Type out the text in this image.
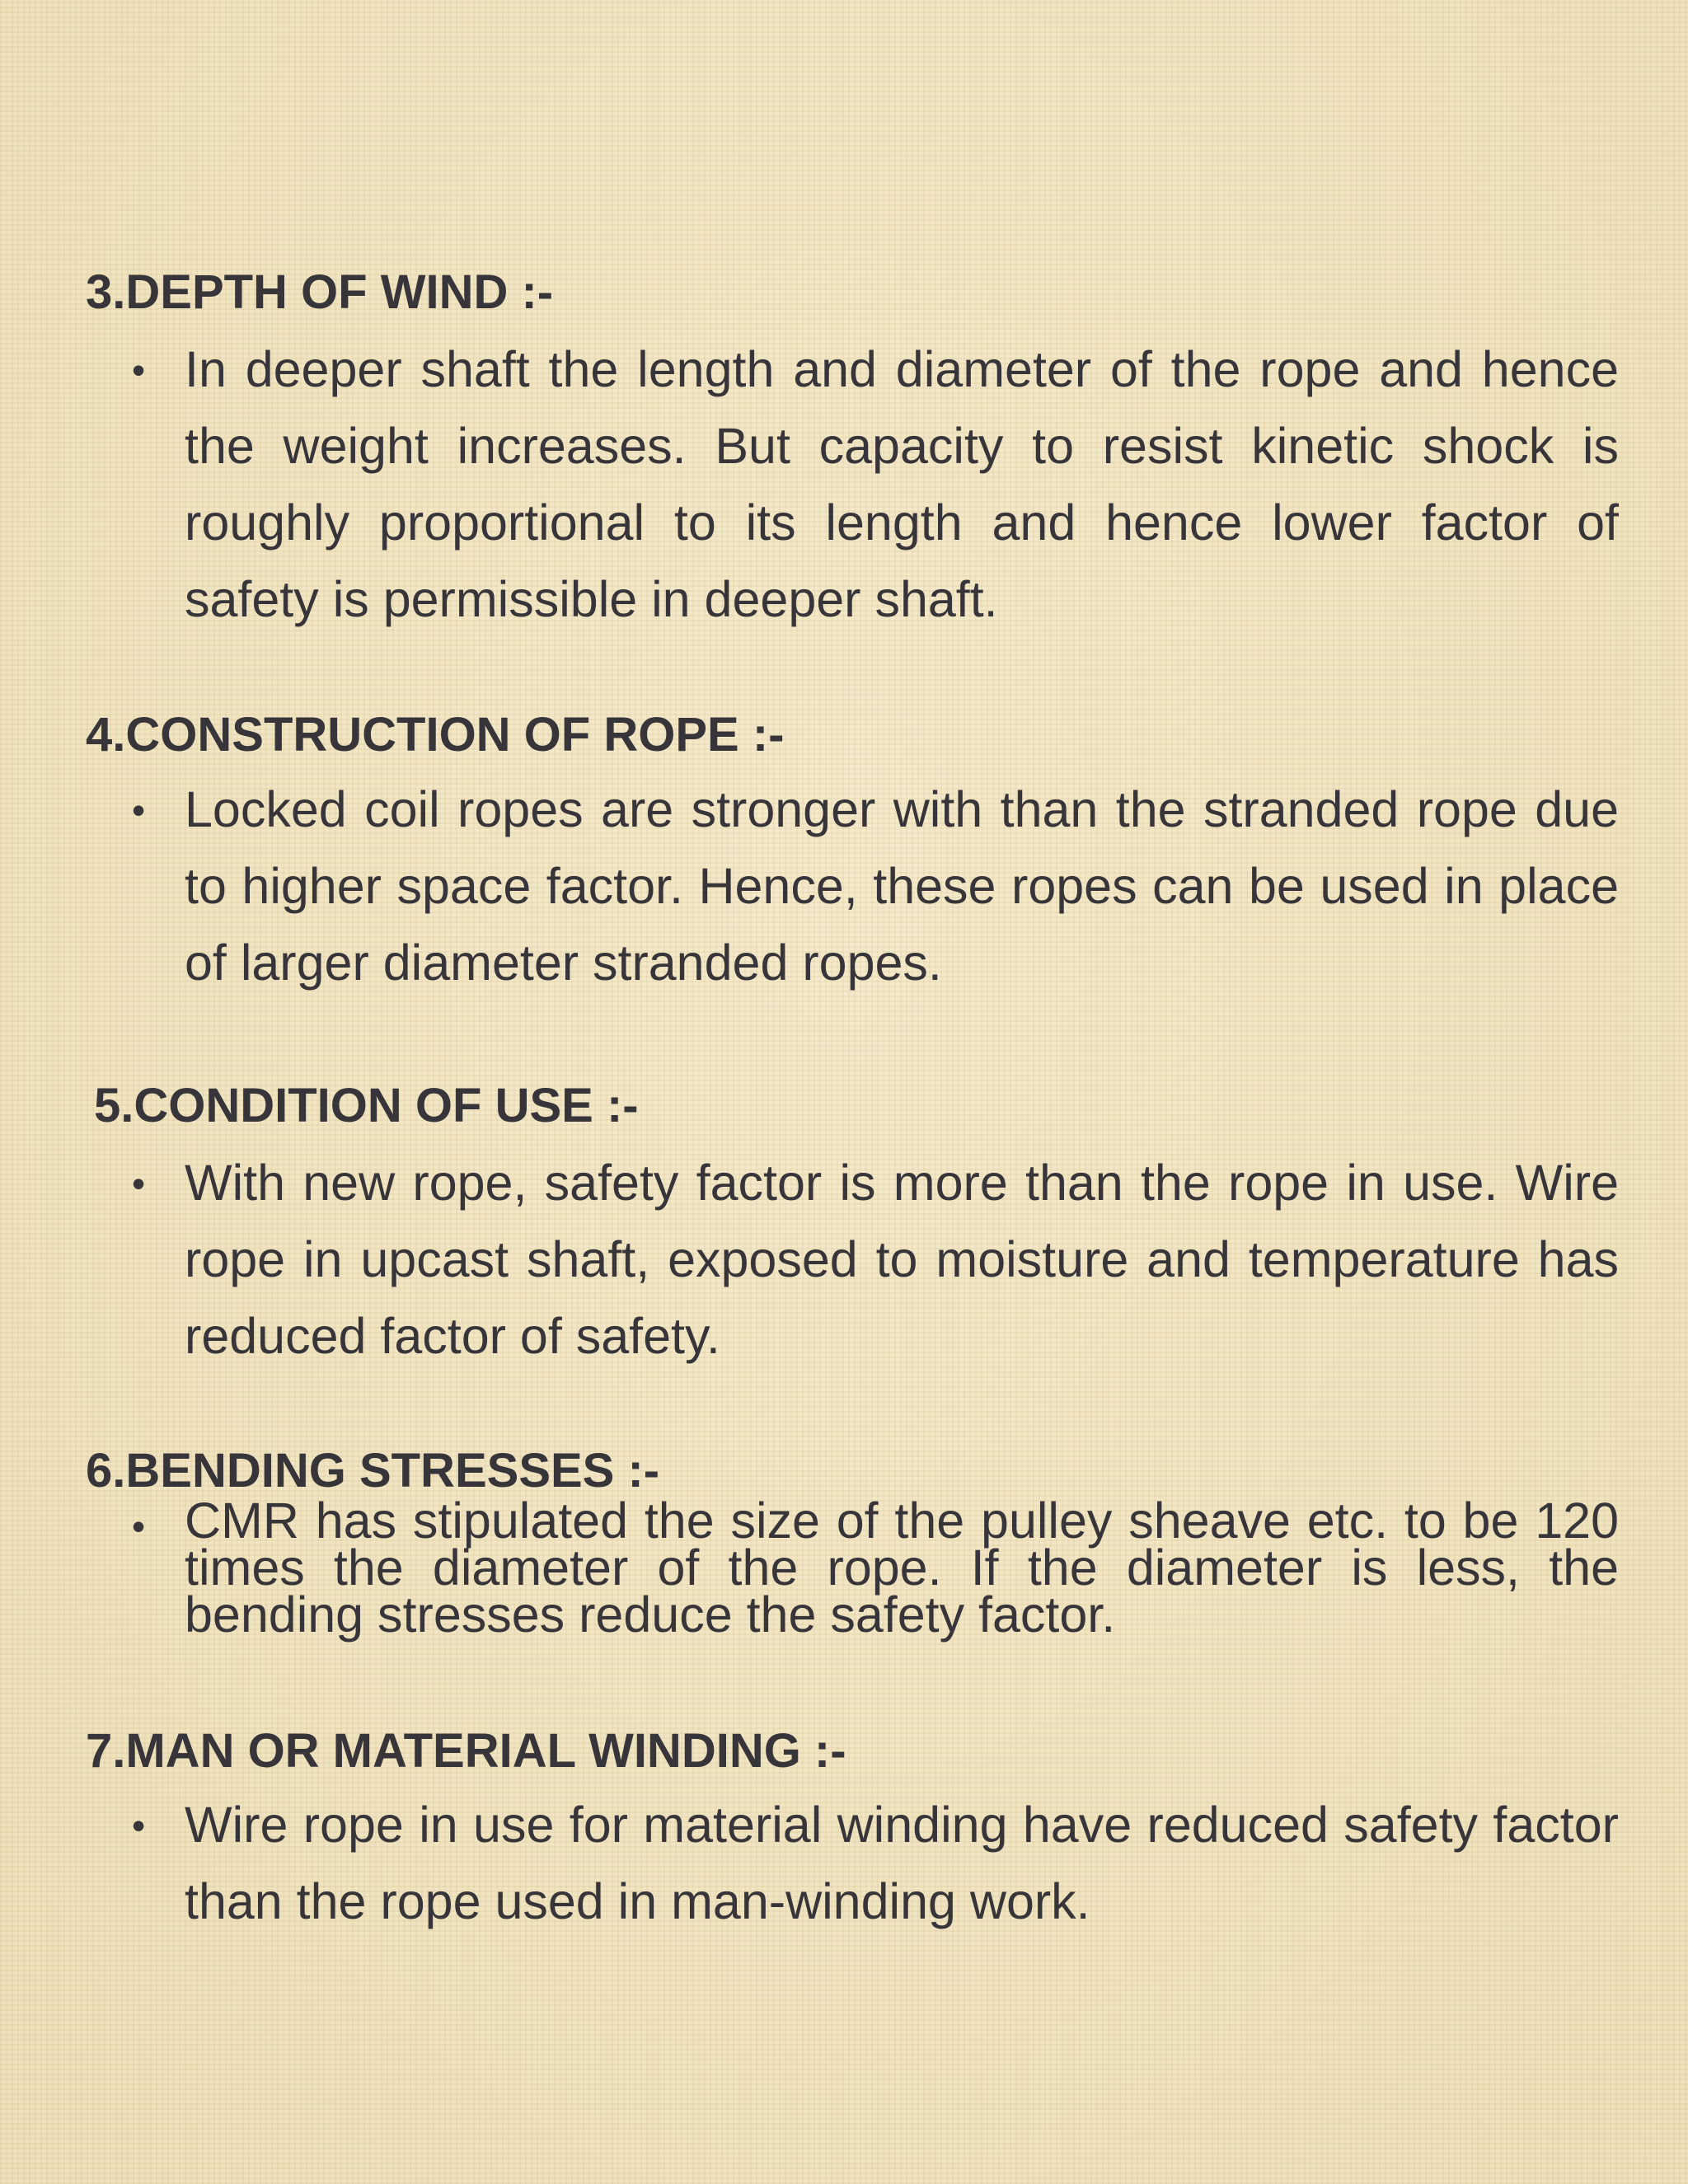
3.DEPTH OF WIND :-
• In deeper shaft the length and diameter of the rope and hence the weight increases. But capacity to resist kinetic shock is roughly proportional to its length and hence lower factor of safety is permissible in deeper shaft.
4.CONSTRUCTION OF ROPE :-
• Locked coil ropes are stronger with than the stranded rope due to higher space factor. Hence, these ropes can be used in place of larger diameter stranded ropes.
5.CONDITION OF USE :-
• With new rope, safety factor is more than the rope in use. Wire rope in upcast shaft, exposed to moisture and temperature has reduced factor of safety.
6.BENDING STRESSES :-
• CMR has stipulated the size of the pulley sheave etc. to be 120 times the diameter of the rope. If the diameter is less, the bending stresses reduce the safety factor.
7.MAN OR MATERIAL WINDING :-
• Wire rope in use for material winding have reduced safety factor than the rope used in man-winding work.
